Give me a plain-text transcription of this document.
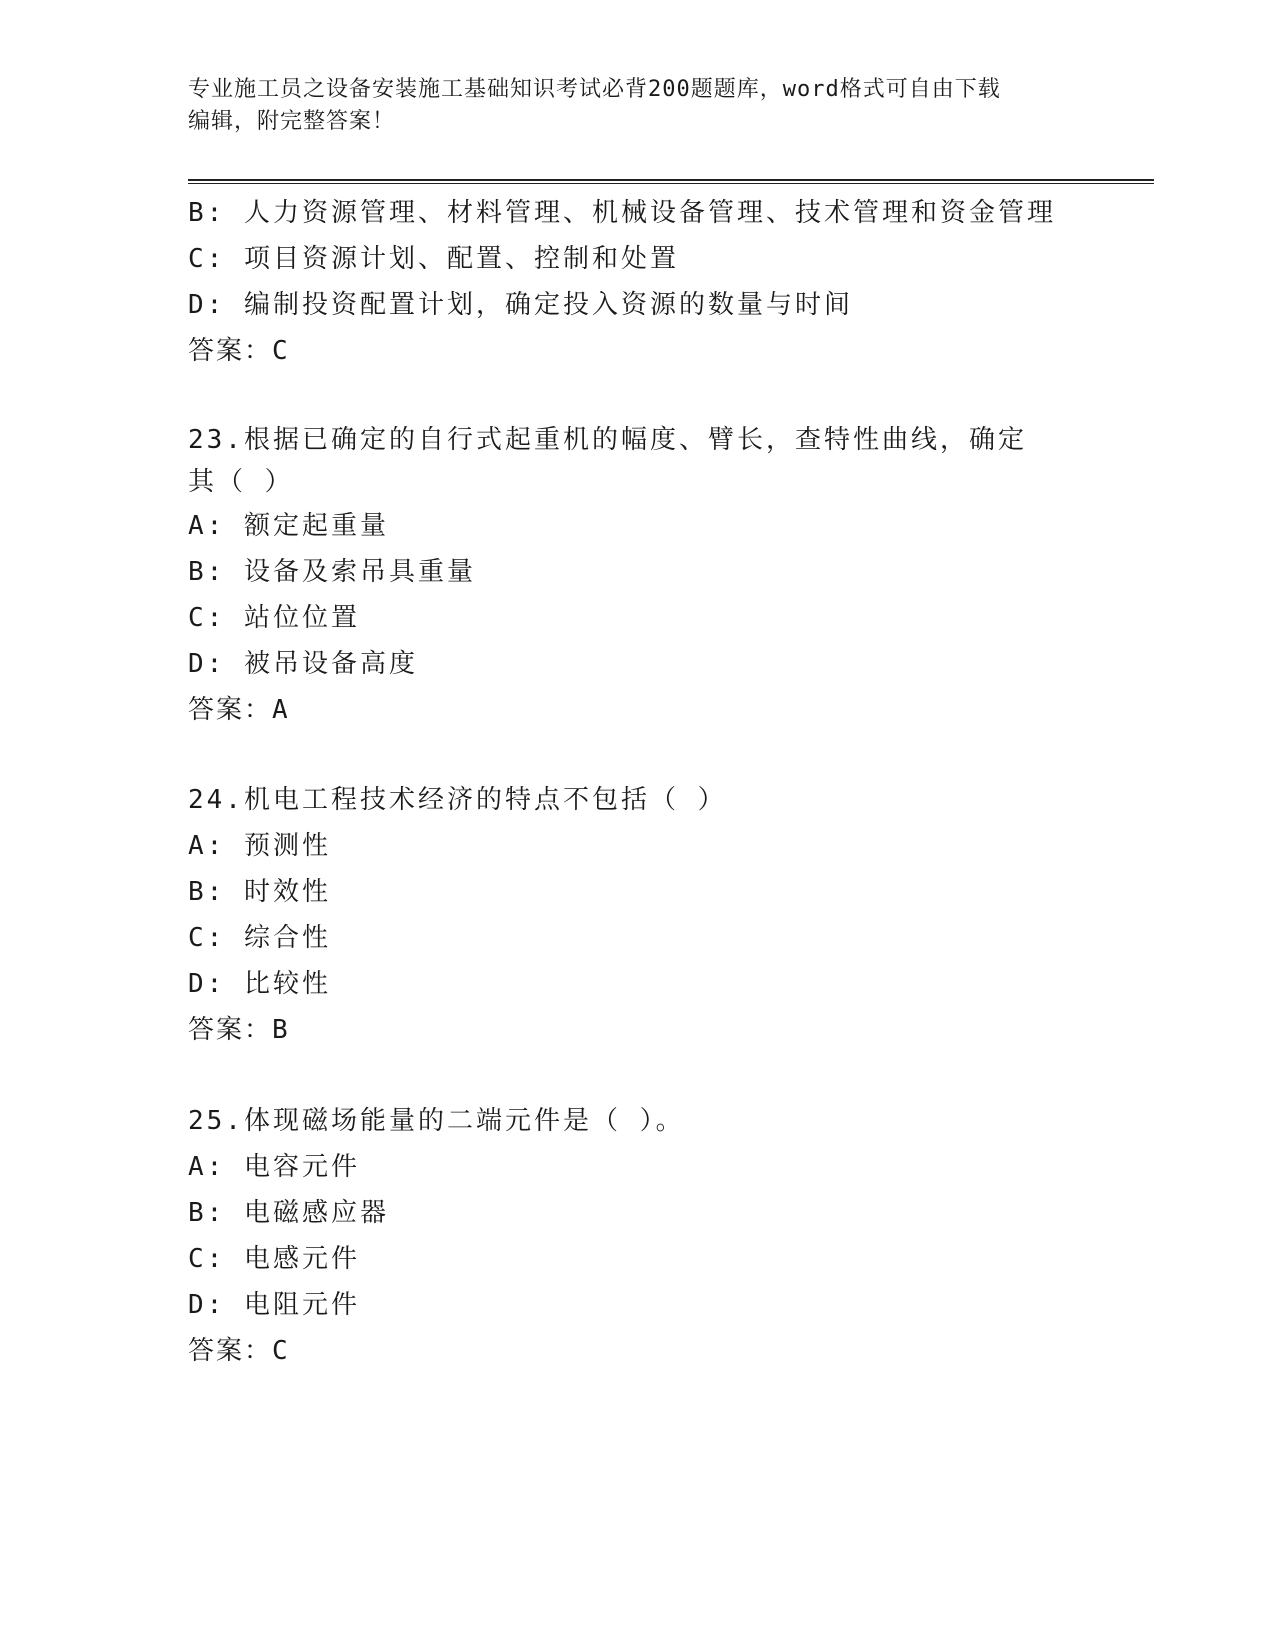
专业施工员之设备安装施工基础知识考试必背200题题库，word格式可自由下载

编辑，附完整答案！

B: 人力资源管理、材料管理、机械设备管理、技术管理和资金管理

C: 项目资源计划、配置、控制和处置

D: 编制投资配置计划，确定投入资源的数量与时间

答案：C

23.根据已确定的自行式起重机的幅度、臂长，查特性曲线，确定其（ ）

A: 额定起重量

B: 设备及索吊具重量

C: 站位位置

D: 被吊设备高度

答案：A

24.机电工程技术经济的特点不包括（ ）

A: 预测性

B: 时效性

C: 综合性

D: 比较性

答案：B

25.体现磁场能量的二端元件是（ ）。

A: 电容元件

B: 电磁感应器

C: 电感元件

D: 电阻元件

答案：C
